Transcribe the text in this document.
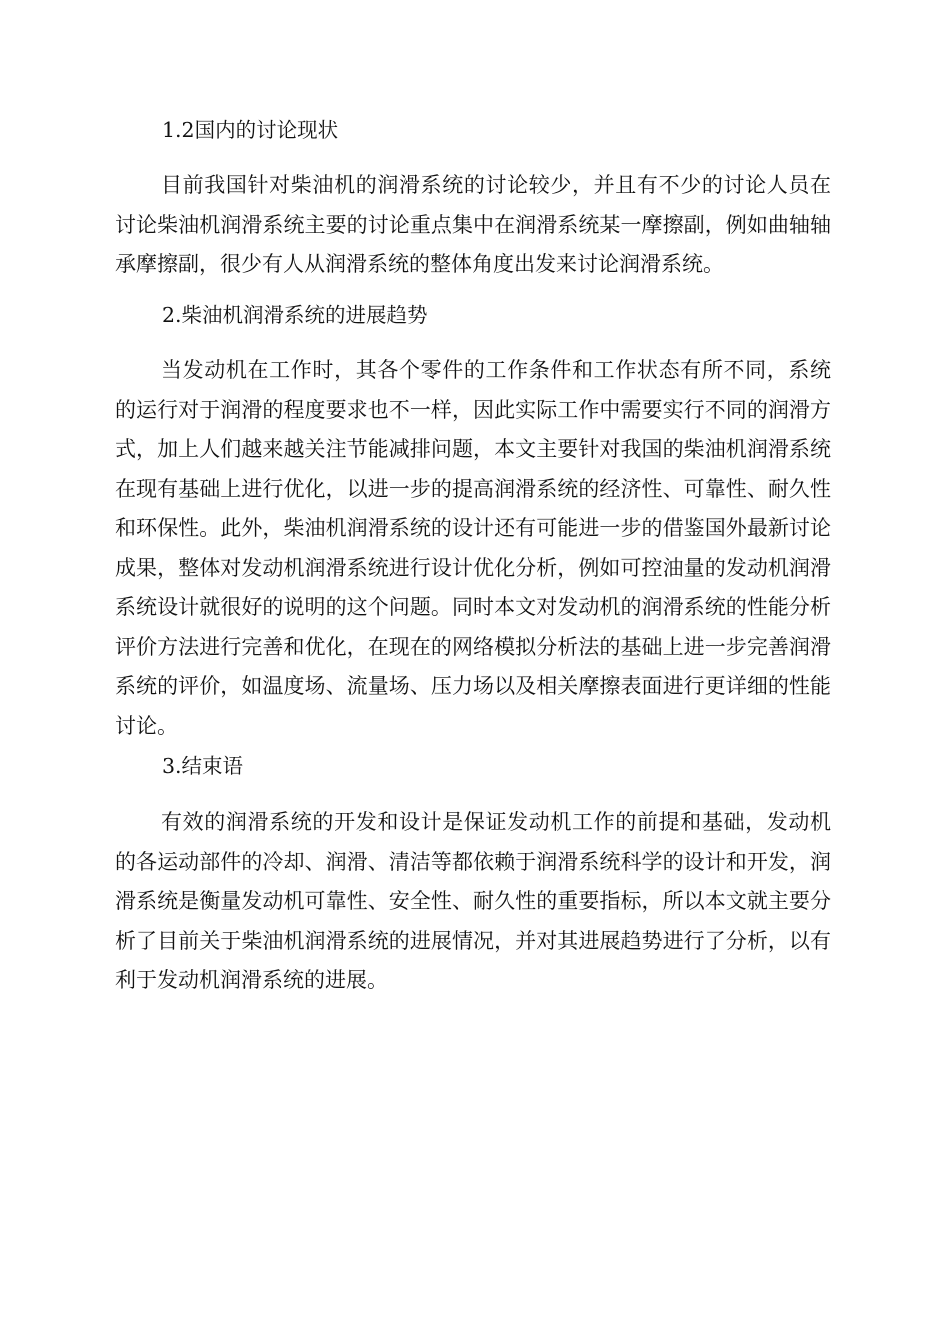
1.2国内的讨论现状

目前我国针对柴油机的润滑系统的讨论较少，并且有不少的讨论人员在讨论柴油机润滑系统主要的讨论重点集中在润滑系统某一摩擦副，例如曲轴轴承摩擦副，很少有人从润滑系统的整体角度出发来讨论润滑系统。

2.柴油机润滑系统的进展趋势

当发动机在工作时，其各个零件的工作条件和工作状态有所不同，系统的运行对于润滑的程度要求也不一样，因此实际工作中需要实行不同的润滑方式，加上人们越来越关注节能减排问题，本文主要针对我国的柴油机润滑系统在现有基础上进行优化，以进一步的提高润滑系统的经济性、可靠性、耐久性和环保性。此外，柴油机润滑系统的设计还有可能进一步的借鉴国外最新讨论成果，整体对发动机润滑系统进行设计优化分析，例如可控油量的发动机润滑系统设计就很好的说明的这个问题。同时本文对发动机的润滑系统的性能分析评价方法进行完善和优化，在现在的网络模拟分析法的基础上进一步完善润滑系统的评价，如温度场、流量场、压力场以及相关摩擦表面进行更详细的性能讨论。

3.结束语

有效的润滑系统的开发和设计是保证发动机工作的前提和基础，发动机的各运动部件的冷却、润滑、清洁等都依赖于润滑系统科学的设计和开发，润滑系统是衡量发动机可靠性、安全性、耐久性的重要指标，所以本文就主要分析了目前关于柴油机润滑系统的进展情况，并对其进展趋势进行了分析，以有利于发动机润滑系统的进展。
